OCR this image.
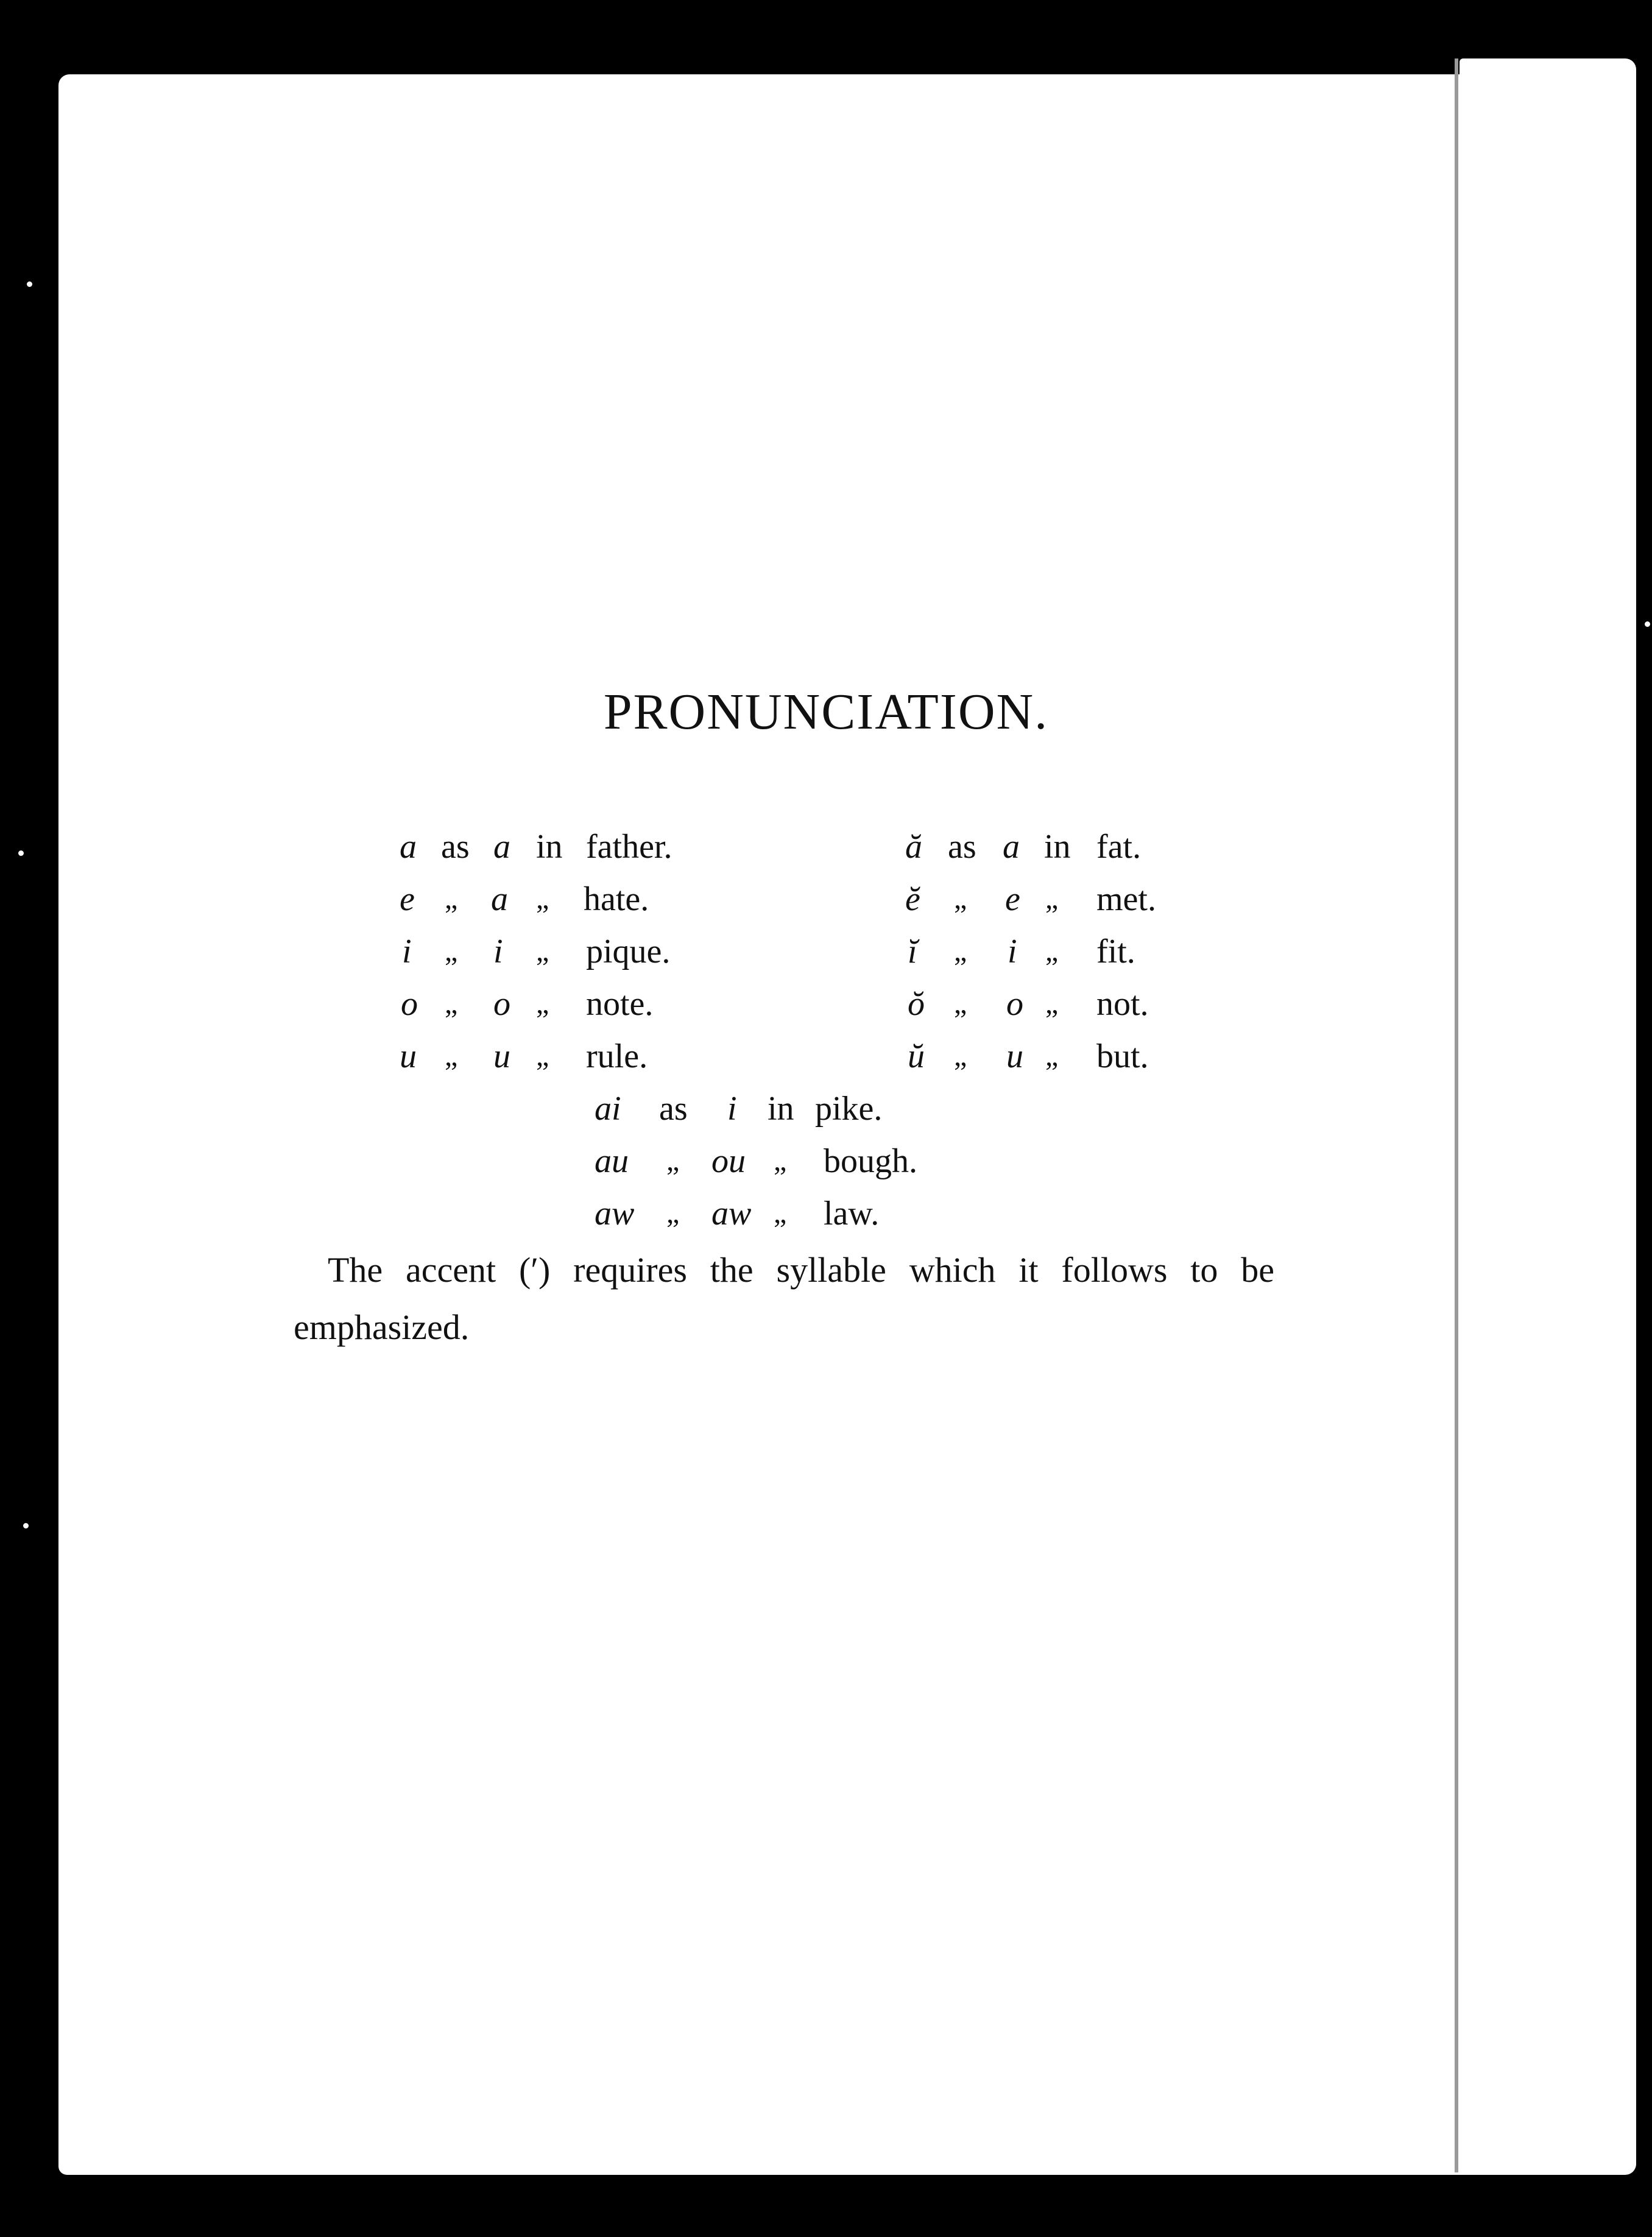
PRONUNCIATION.
a as a in father.
e „ a „ hate.
i „ i „ pique.
o „ o „ note.
u „ u „ rule.
ă as a in fat.
ĕ „ e „ met.
ĭ „ i „ fit.
ŏ „ o „ not.
ŭ „ u „ but.
ai as i in pike.
au „ ou „ bough.
aw „ aw „ law.
The accent (′) requires the syllable which it follows to be emphasized.
